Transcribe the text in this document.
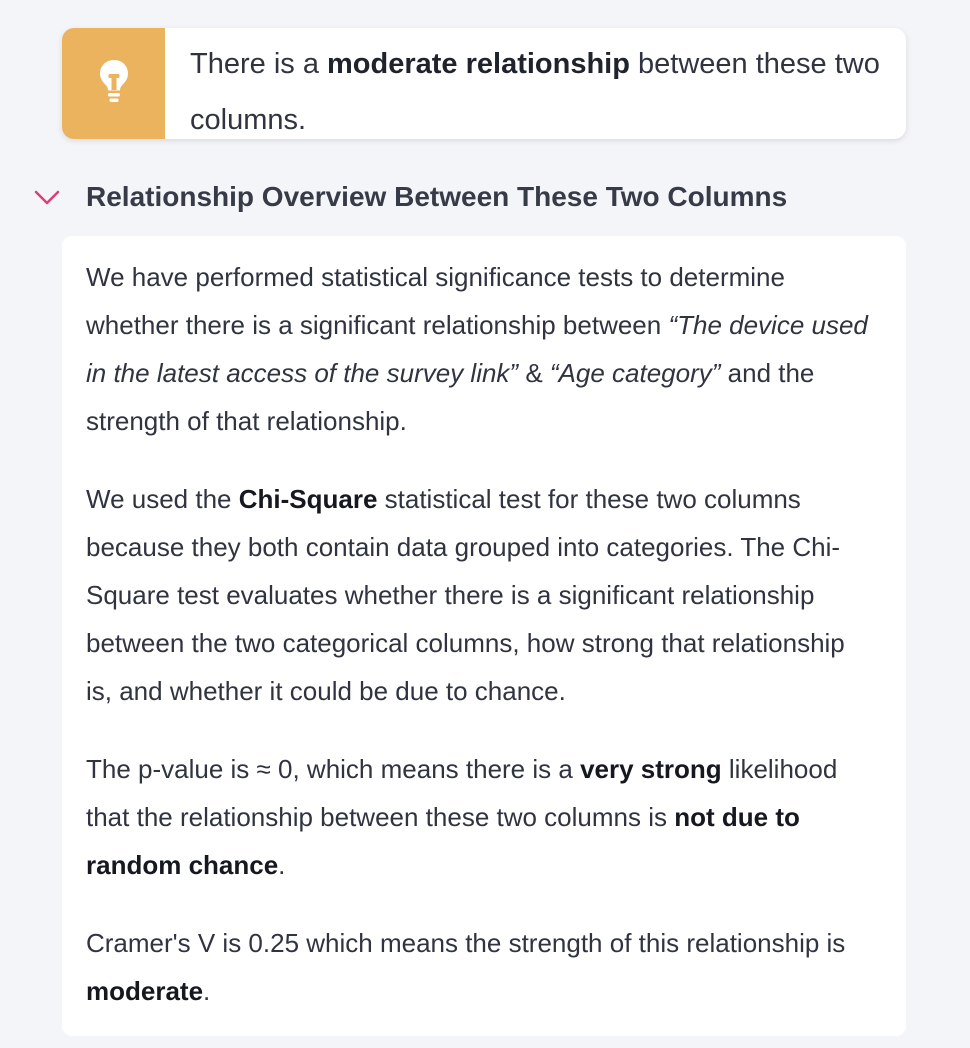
There is a moderate relationship between these two columns.
Relationship Overview Between These Two Columns

We have performed statistical significance tests to determine whether there is a significant relationship between “The device used in the latest access of the survey link” & “Age category” and the strength of that relationship.

We used the Chi-Square statistical test for these two columns because they both contain data grouped into categories. The Chi-Square test evaluates whether there is a significant relationship between the two categorical columns, how strong that relationship is, and whether it could be due to chance.

The p-value is ≈ 0, which means there is a very strong likelihood that the relationship between these two columns is not due to random chance.

Cramer's V is 0.25 which means the strength of this relationship is moderate.
